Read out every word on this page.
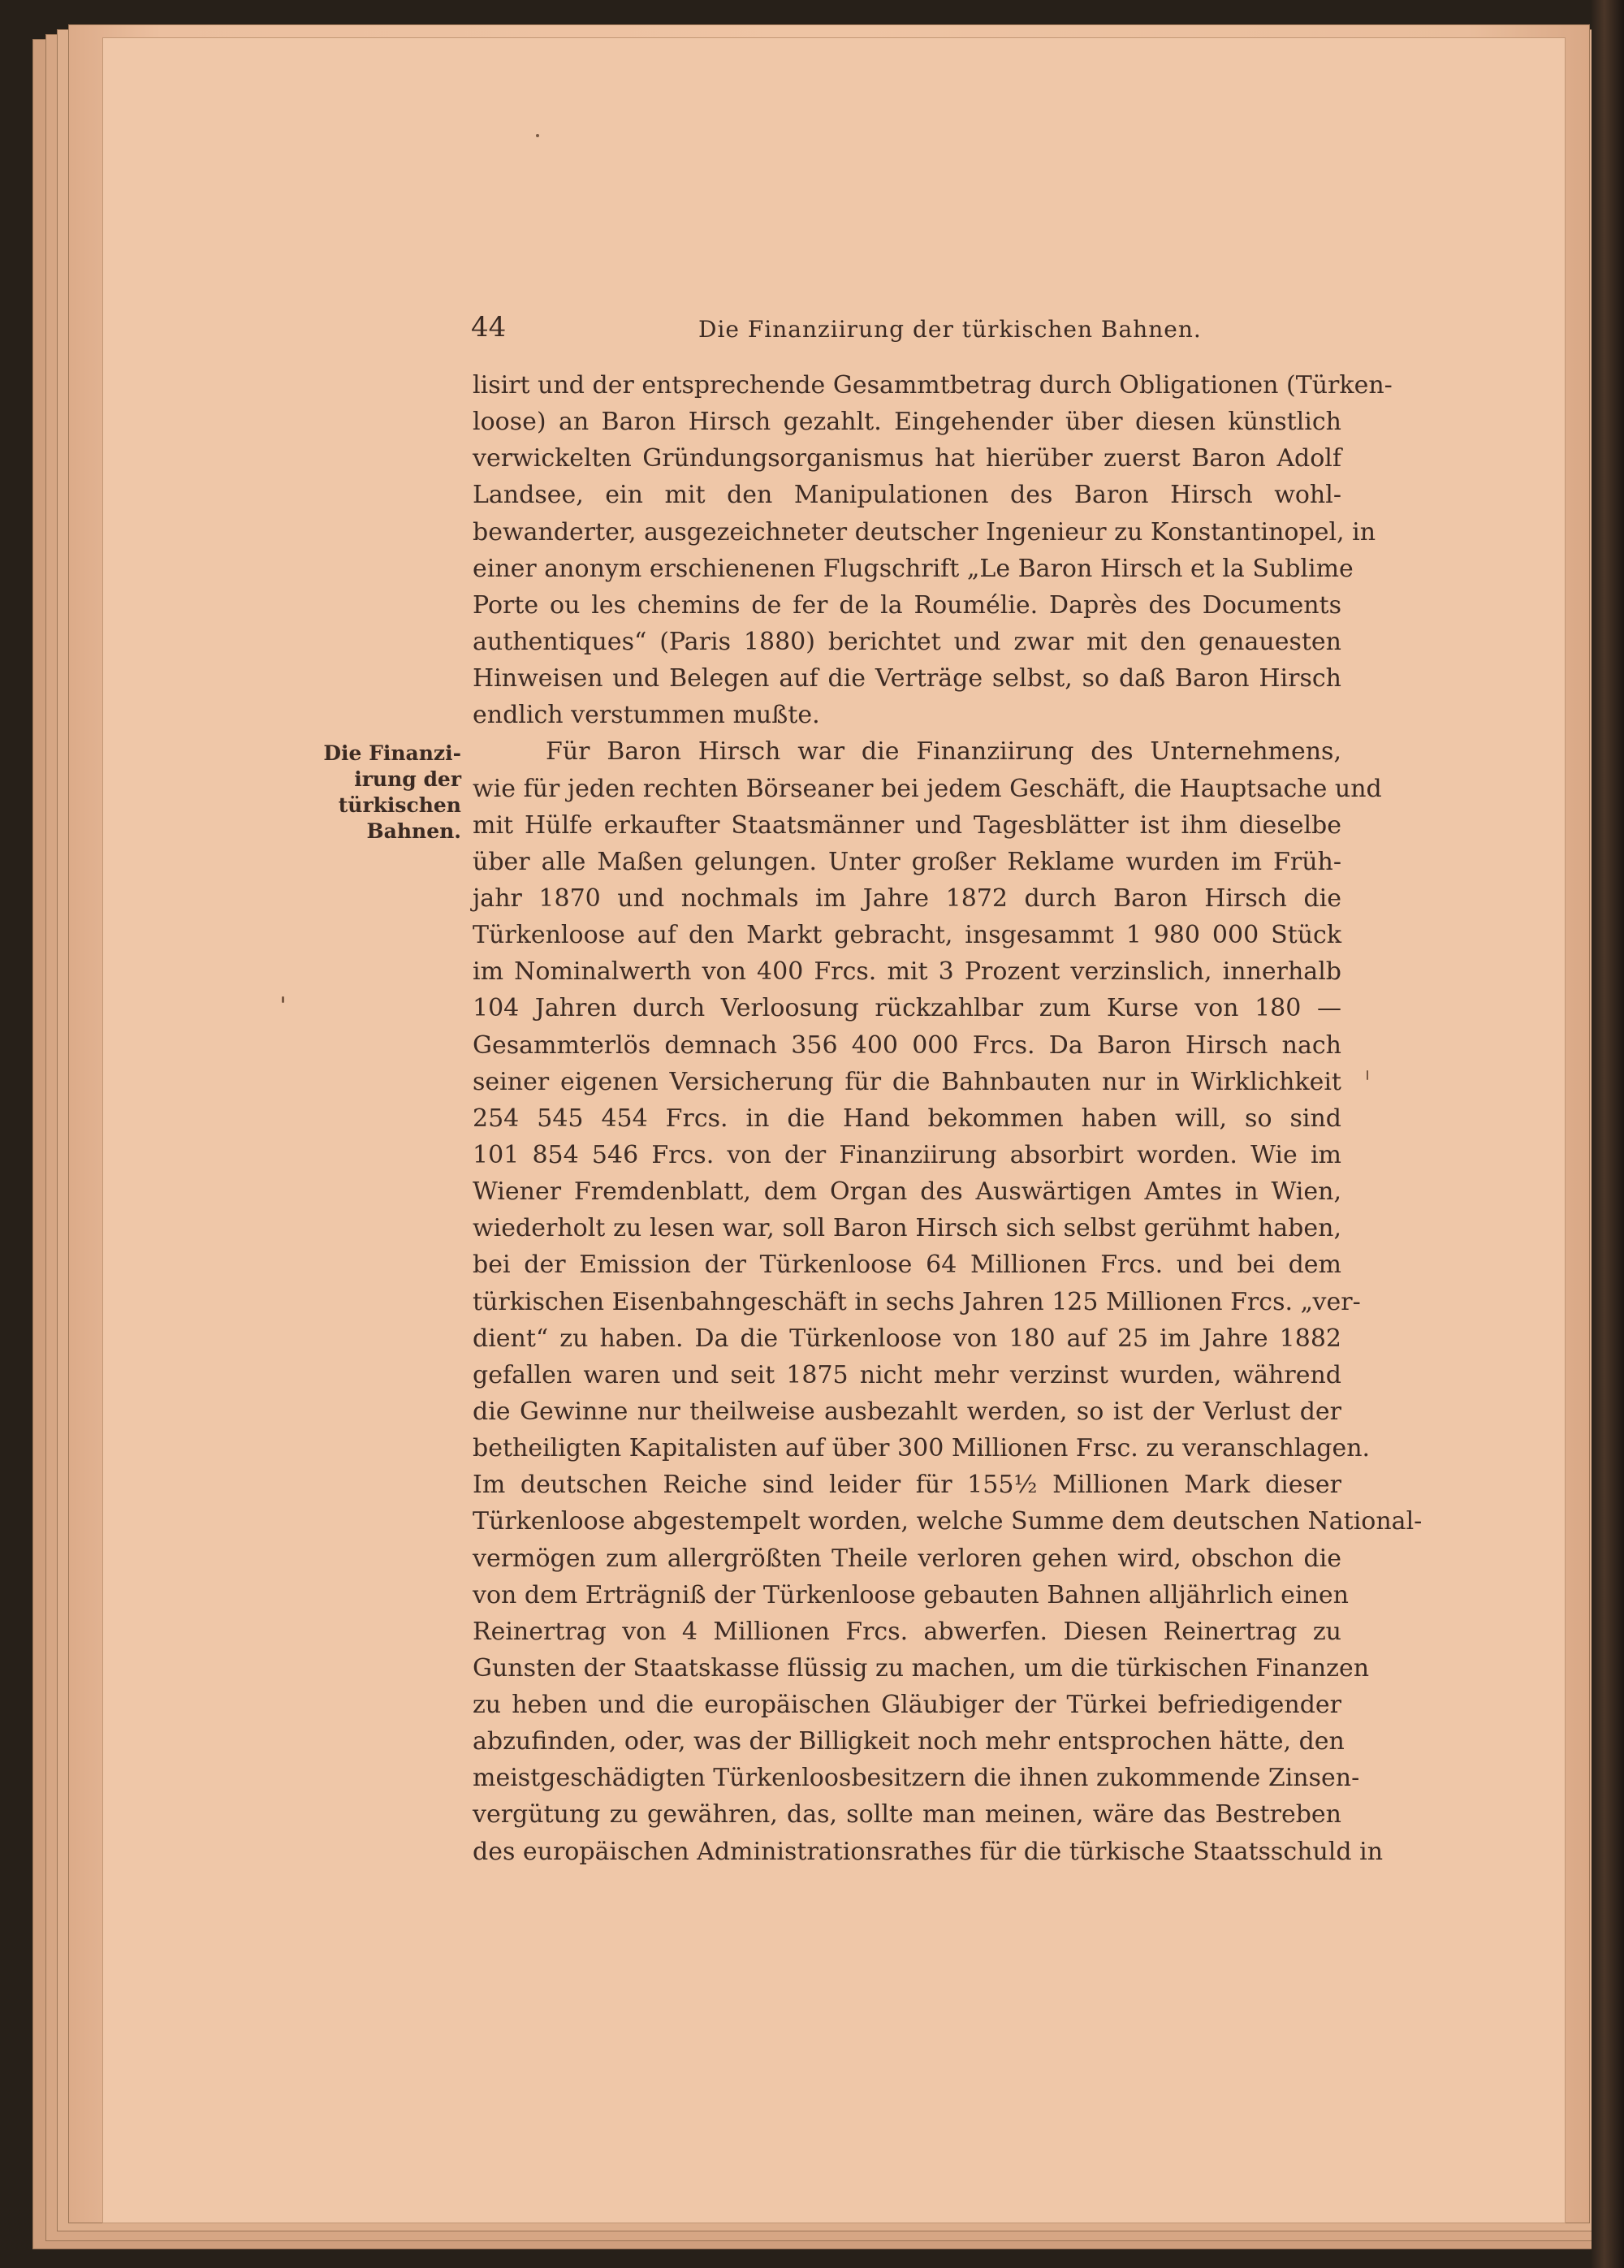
44	Die Finanziirung der türkischen Bahnen.
Die Finanzi-
irung der
türkischen
Bahnen.
lisirt und der entsprechende Gesammtbetrag durch Obligationen (Türken-
loose) an Baron Hirsch gezahlt. Eingehender über diesen künstlich
verwickelten Gründungsorganismus hat hierüber zuerst Baron Adolf
Landsee, ein mit den Manipulationen des Baron Hirsch wohl-
bewanderter, ausgezeichneter deutscher Ingenieur zu Konstantinopel, in
einer anonym erschienenen Flugschrift „Le Baron Hirsch et la Sublime
Porte ou les chemins de fer de la Roumélie. Daprès des Documents
authentiques“ (Paris 1880) berichtet und zwar mit den genauesten
Hinweisen und Belegen auf die Verträge selbst, so daß Baron Hirsch
endlich verstummen mußte.
Für Baron Hirsch war die Finanziirung des Unternehmens,
wie für jeden rechten Börseaner bei jedem Geschäft, die Hauptsache und
mit Hülfe erkaufter Staatsmänner und Tagesblätter ist ihm dieselbe
über alle Maßen gelungen. Unter großer Reklame wurden im Früh-
jahr 1870 und nochmals im Jahre 1872 durch Baron Hirsch die
Türkenloose auf den Markt gebracht, insgesammt 1 980 000 Stück
im Nominalwerth von 400 Frcs. mit 3 Prozent verzinslich, innerhalb
104 Jahren durch Verloosung rückzahlbar zum Kurse von 180 —
Gesammterlös demnach 356 400 000 Frcs. Da Baron Hirsch nach
seiner eigenen Versicherung für die Bahnbauten nur in Wirklichkeit
254 545 454 Frcs. in die Hand bekommen haben will, so sind
101 854 546 Frcs. von der Finanziirung absorbirt worden. Wie im
Wiener Fremdenblatt, dem Organ des Auswärtigen Amtes in Wien,
wiederholt zu lesen war, soll Baron Hirsch sich selbst gerühmt haben,
bei der Emission der Türkenloose 64 Millionen Frcs. und bei dem
türkischen Eisenbahngeschäft in sechs Jahren 125 Millionen Frcs. „ver-
dient“ zu haben. Da die Türkenloose von 180 auf 25 im Jahre 1882
gefallen waren und seit 1875 nicht mehr verzinst wurden, während
die Gewinne nur theilweise ausbezahlt werden, so ist der Verlust der
betheiligten Kapitalisten auf über 300 Millionen Frsc. zu veranschlagen.
Im deutschen Reiche sind leider für 155½ Millionen Mark dieser
Türkenloose abgestempelt worden, welche Summe dem deutschen National-
vermögen zum allergrößten Theile verloren gehen wird, obschon die
von dem Erträgniß der Türkenloose gebauten Bahnen alljährlich einen
Reinertrag von 4 Millionen Frcs. abwerfen. Diesen Reinertrag zu
Gunsten der Staatskasse flüssig zu machen, um die türkischen Finanzen
zu heben und die europäischen Gläubiger der Türkei befriedigender
abzufinden, oder, was der Billigkeit noch mehr entsprochen hätte, den
meistgeschädigten Türkenloosbesitzern die ihnen zukommende Zinsen-
vergütung zu gewähren, das, sollte man meinen, wäre das Bestreben
des europäischen Administrationsrathes für die türkische Staatsschuld in
